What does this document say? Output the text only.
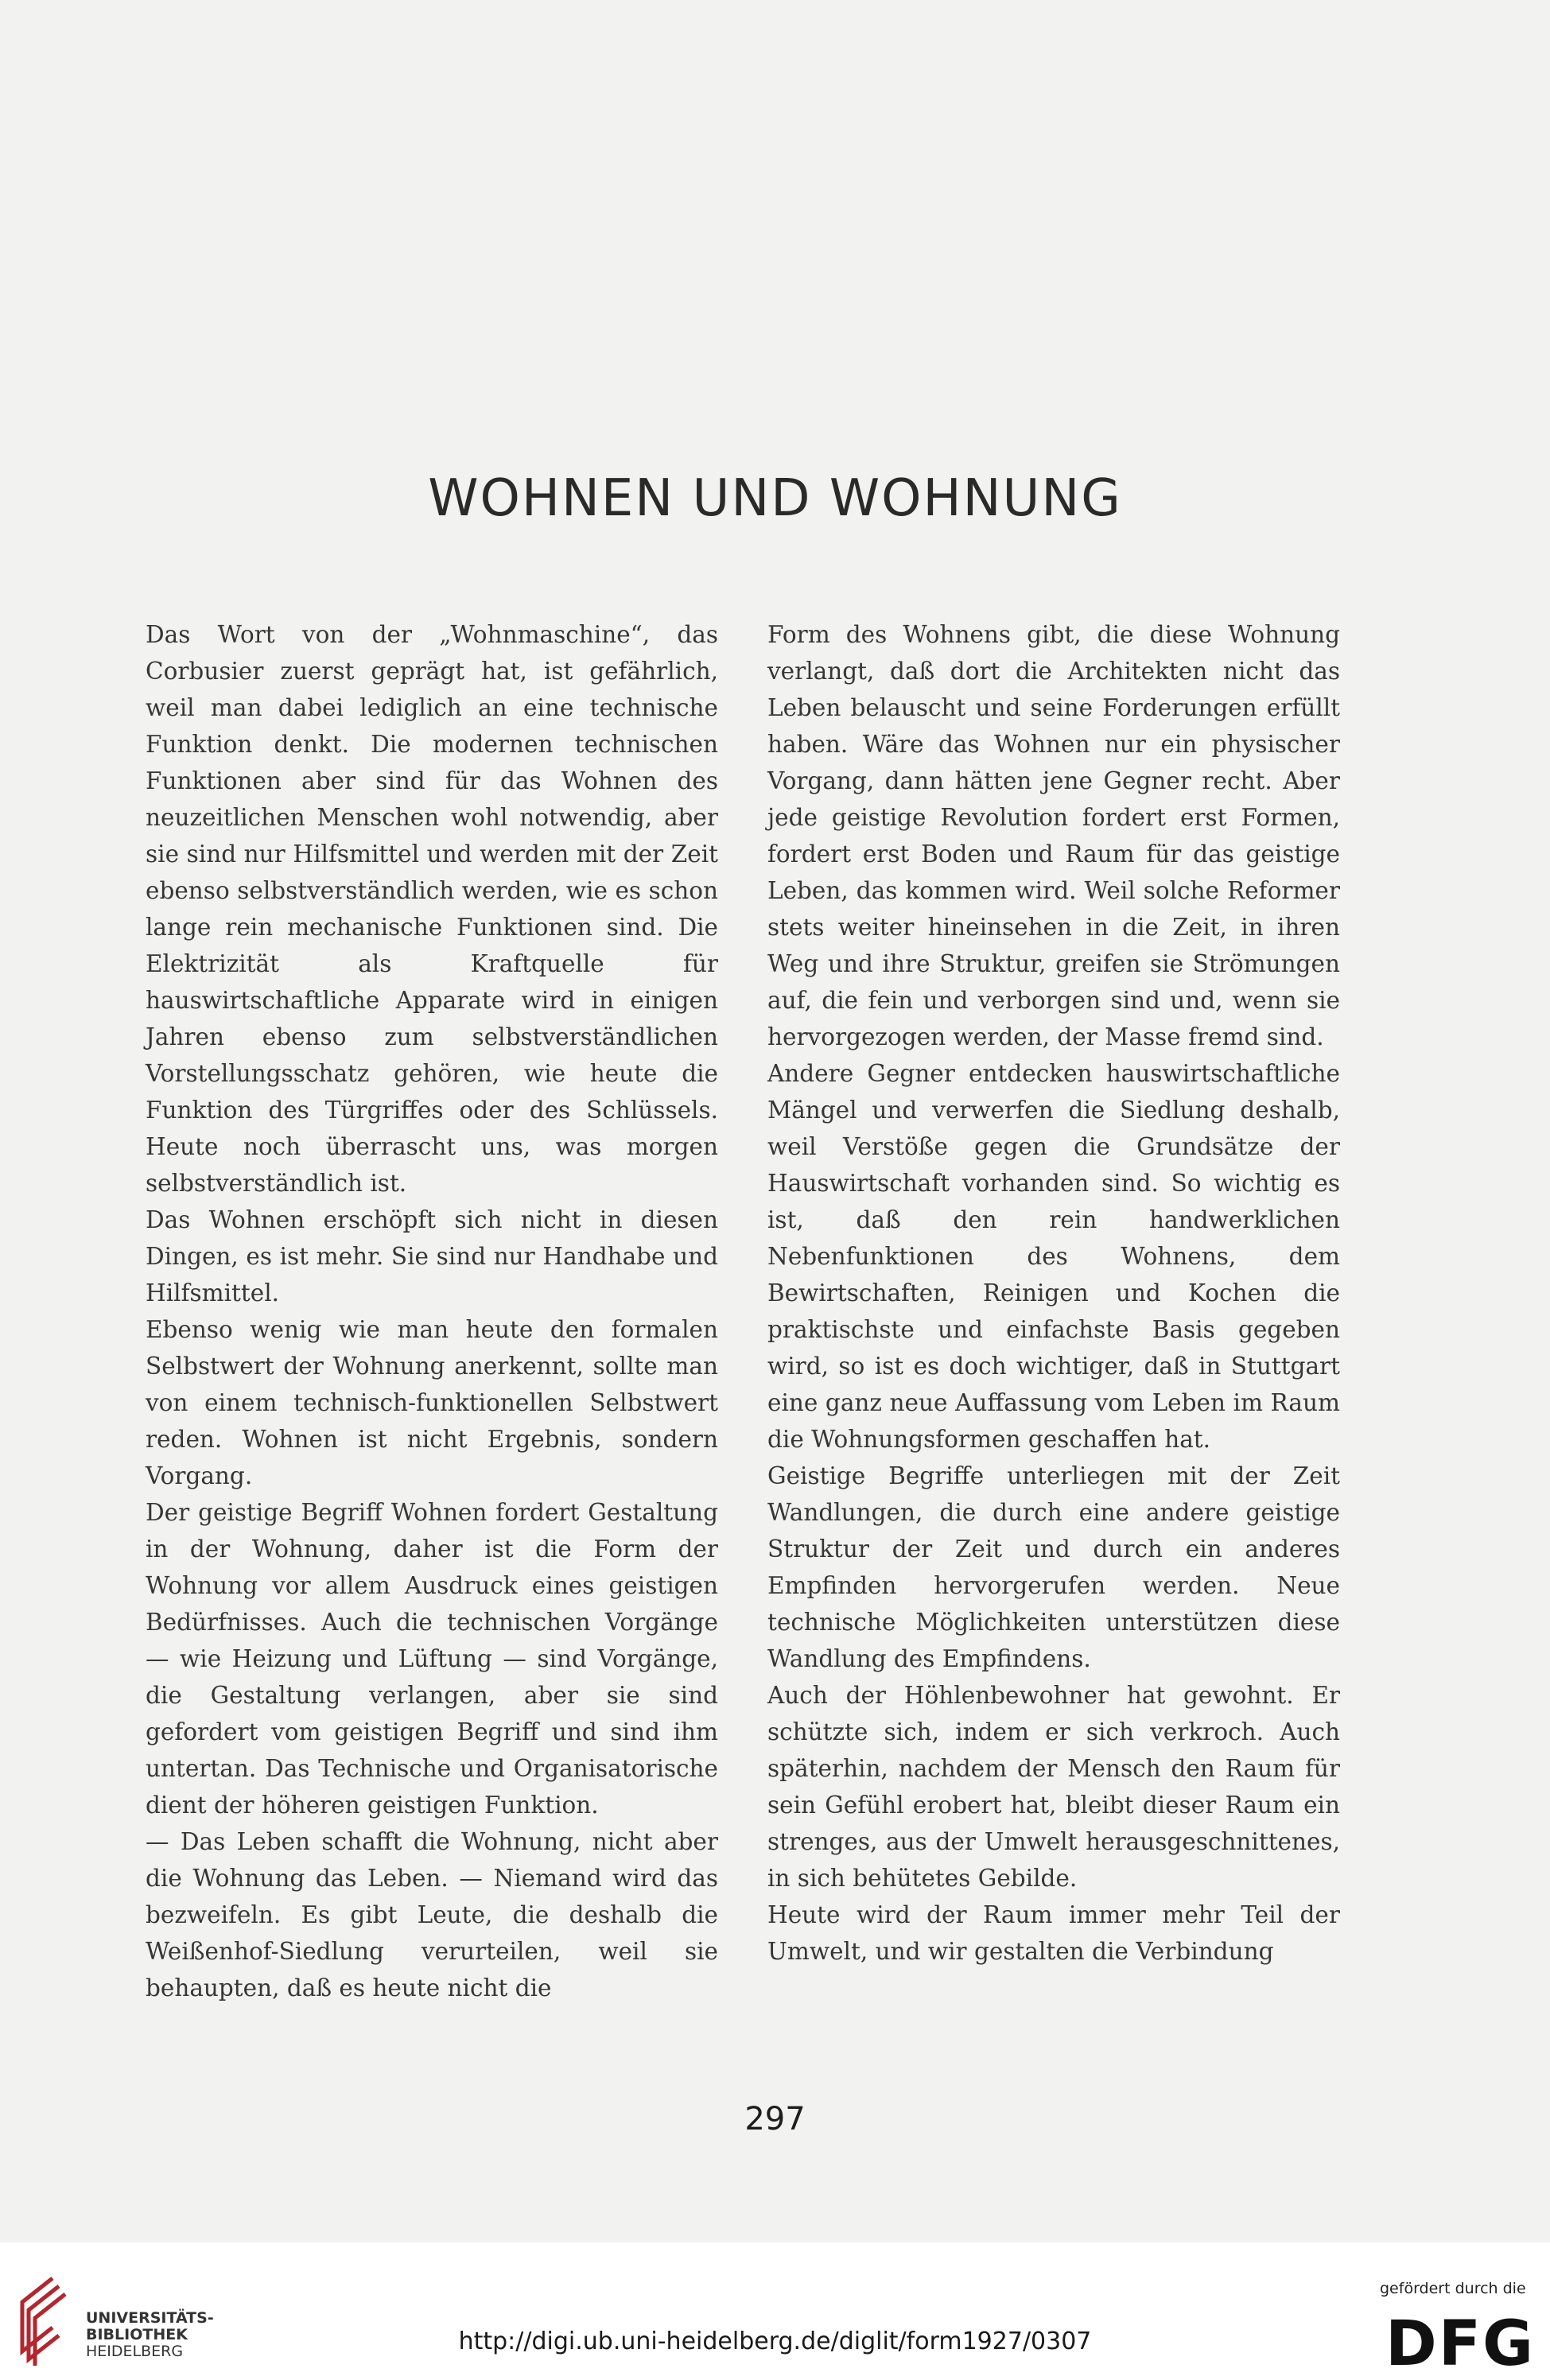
WOHNEN UND WOHNUNG

Das Wort von der „Wohnmaschine“, das Corbusier zuerst geprägt hat, ist gefährlich, weil man dabei lediglich an eine technische Funktion denkt. Die modernen technischen Funktionen aber sind für das Wohnen des neuzeitlichen Menschen wohl notwendig, aber sie sind nur Hilfsmittel und werden mit der Zeit ebenso selbstverständlich werden, wie es schon lange rein mechanische Funktionen sind. Die Elektrizität als Kraftquelle für hauswirtschaftliche Apparate wird in einigen Jahren ebenso zum selbstverständlichen Vorstellungsschatz gehören, wie heute die Funktion des Türgriffes oder des Schlüssels. Heute noch überrascht uns, was morgen selbstverständlich ist.

Das Wohnen erschöpft sich nicht in diesen Dingen, es ist mehr. Sie sind nur Handhabe und Hilfsmittel.

Ebenso wenig wie man heute den formalen Selbstwert der Wohnung anerkennt, sollte man von einem technisch-funktionellen Selbstwert reden. Wohnen ist nicht Ergebnis, sondern Vorgang.

Der geistige Begriff Wohnen fordert Gestaltung in der Wohnung, daher ist die Form der Wohnung vor allem Ausdruck eines geistigen Bedürfnisses. Auch die technischen Vorgänge — wie Heizung und Lüftung — sind Vorgänge, die Gestaltung verlangen, aber sie sind gefordert vom geistigen Begriff und sind ihm untertan. Das Technische und Organisatorische dient der höheren geistigen Funktion.

— Das Leben schafft die Wohnung, nicht aber die Wohnung das Leben. — Niemand wird das bezweifeln. Es gibt Leute, die deshalb die Weißenhof-Siedlung verurteilen, weil sie behaupten, daß es heute nicht die

Form des Wohnens gibt, die diese Wohnung verlangt, daß dort die Architekten nicht das Leben belauscht und seine Forderungen erfüllt haben. Wäre das Wohnen nur ein physischer Vorgang, dann hätten jene Gegner recht. Aber jede geistige Revolution fordert erst Formen, fordert erst Boden und Raum für das geistige Leben, das kommen wird. Weil solche Reformer stets weiter hineinsehen in die Zeit, in ihren Weg und ihre Struktur, greifen sie Strömungen auf, die fein und verborgen sind und, wenn sie hervorgezogen werden, der Masse fremd sind.

Andere Gegner entdecken hauswirtschaftliche Mängel und verwerfen die Siedlung deshalb, weil Verstöße gegen die Grundsätze der Hauswirtschaft vorhanden sind. So wichtig es ist, daß den rein handwerklichen Nebenfunktionen des Wohnens, dem Bewirtschaften, Reinigen und Kochen die praktischste und einfachste Basis gegeben wird, so ist es doch wichtiger, daß in Stuttgart eine ganz neue Auffassung vom Leben im Raum die Wohnungsformen geschaffen hat.

Geistige Begriffe unterliegen mit der Zeit Wandlungen, die durch eine andere geistige Struktur der Zeit und durch ein anderes Empfinden hervorgerufen werden. Neue technische Möglichkeiten unterstützen diese Wandlung des Empfindens.

Auch der Höhlenbewohner hat gewohnt. Er schützte sich, indem er sich verkroch. Auch späterhin, nachdem der Mensch den Raum für sein Gefühl erobert hat, bleibt dieser Raum ein strenges, aus der Umwelt herausgeschnittenes, in sich behütetes Gebilde.

Heute wird der Raum immer mehr Teil der Umwelt, und wir gestalten die Verbindung

297
UNIVERSITÄTS-
BIBLIOTHEK
HEIDELBERG	http://digi.ub.uni-heidelberg.de/diglit/form1927/0307
gefördert durch die
DFG
